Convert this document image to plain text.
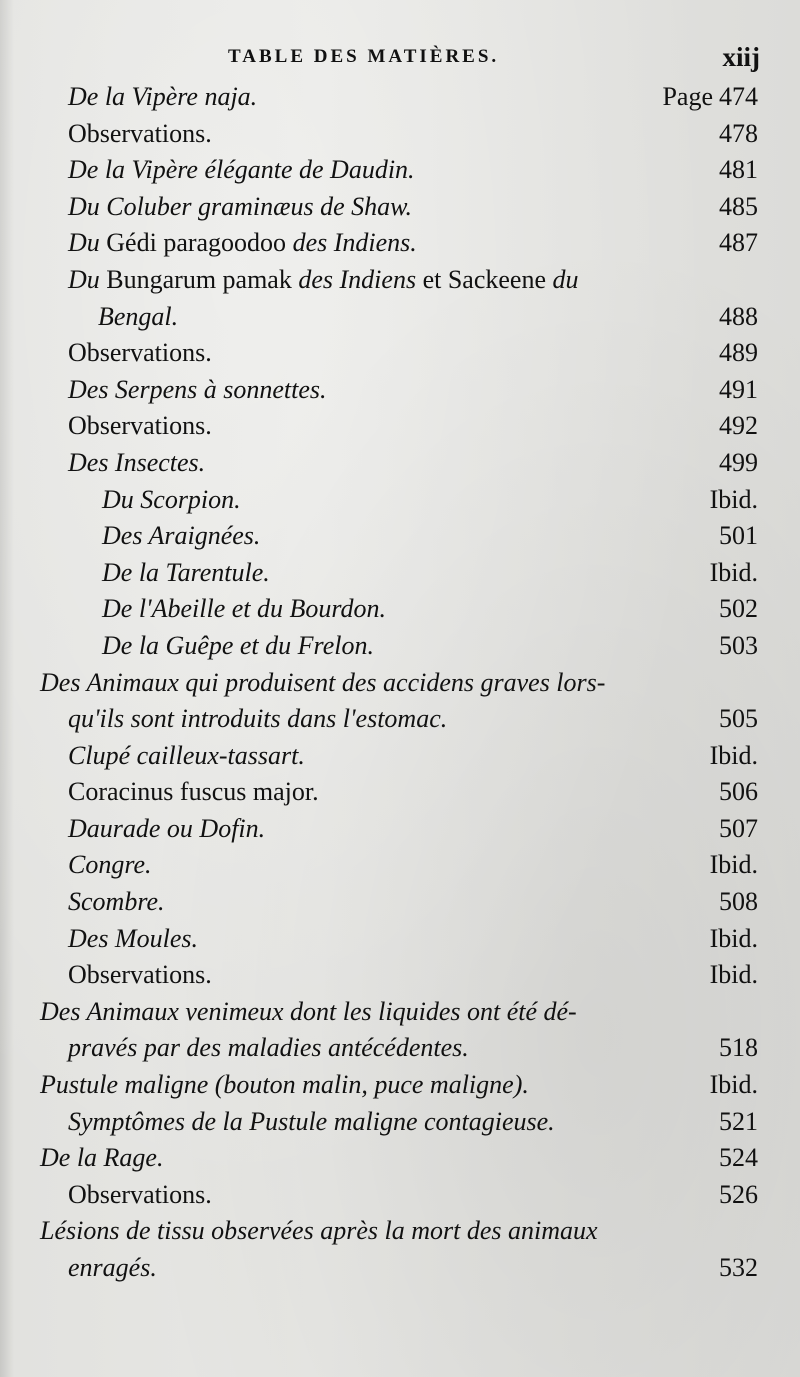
TABLE DES MATIÈRES.	xiij
De la Vipère naja.	Page 474
Observations.	478
De la Vipère élégante de Daudin.	481
Du Coluber graminæus de Shaw.	485
Du Gédi paragoodoo des Indiens.	487
Du Bungarum pamak des Indiens et Sackeene du
Bengal.	488
Observations.	489
Des Serpens à sonnettes.	491
Observations.	492
Des Insectes.	499
Du Scorpion.	Ibid.
Des Araignées.	501
De la Tarentule.	Ibid.
De l'Abeille et du Bourdon.	502
De la Guêpe et du Frelon.	503
Des Animaux qui produisent des accidens graves lors-
qu'ils sont introduits dans l'estomac.	505
Clupé cailleux-tassart.	Ibid.
Coracinus fuscus major.	506
Daurade ou Dofin.	507
Congre.	Ibid.
Scombre.	508
Des Moules.	Ibid.
Observations.	Ibid.
Des Animaux venimeux dont les liquides ont été dé-
pravés par des maladies antécédentes.	518
Pustule maligne (bouton malin, puce maligne).	Ibid.
Symptômes de la Pustule maligne contagieuse.	521
De la Rage.	524
Observations.	526
Lésions de tissu observées après la mort des animaux
enragés.	532
